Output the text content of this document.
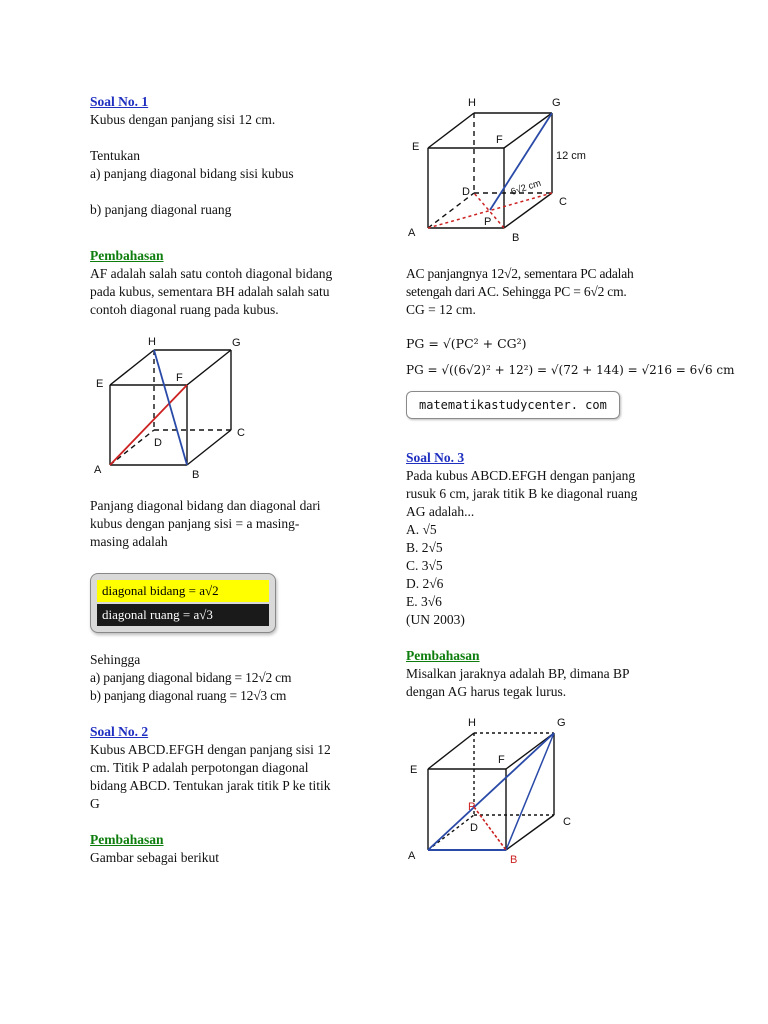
Soal No. 1
Kubus dengan panjang sisi 12 cm.
Tentukan
a) panjang diagonal bidang sisi kubus
b) panjang diagonal ruang
Pembahasan
AF adalah salah satu contoh diagonal bidang
pada kubus, sementara BH adalah salah satu
contoh diagonal ruang pada kubus.
H	G
E	F
D
C
A	B
Panjang diagonal bidang dan diagonal dari
kubus dengan panjang sisi = a masing-
masing adalah
diagonal bidang = a√2
diagonal ruang = a√3
Sehingga
a) panjang diagonal bidang = 12√2 cm
b) panjang diagonal ruang = 12√3 cm
Soal No. 2
Kubus ABCD.EFGH dengan panjang sisi 12
cm. Titik P adalah perpotongan diagonal
bidang ABCD. Tentukan jarak titik P ke titik
G
Pembahasan
Gambar sebagai berikut
H	G
E
F
D
C
A	B
P
12 cm
6√2 cm
AC panjangnya 12√2, sementara PC adalah
setengah dari AC. Sehingga PC = 6√2 cm.
CG = 12 cm.
PG = √(PC² + CG²)
PG = √((6√2)² + 12²) = √(72 + 144) = √216 = 6√6 cm
matematikastudycenter. com
Soal No. 3
Pada kubus ABCD.EFGH dengan panjang
rusuk 6 cm, jarak titik B ke diagonal ruang
AG adalah...
A. √5
B. 2√5
C. 3√5
D. 2√6
E. 3√6
(UN 2003)
Pembahasan
Misalkan jaraknya adalah BP, dimana BP
dengan AG harus tegak lurus.
H	G
E
F
D	C
A	B
P
